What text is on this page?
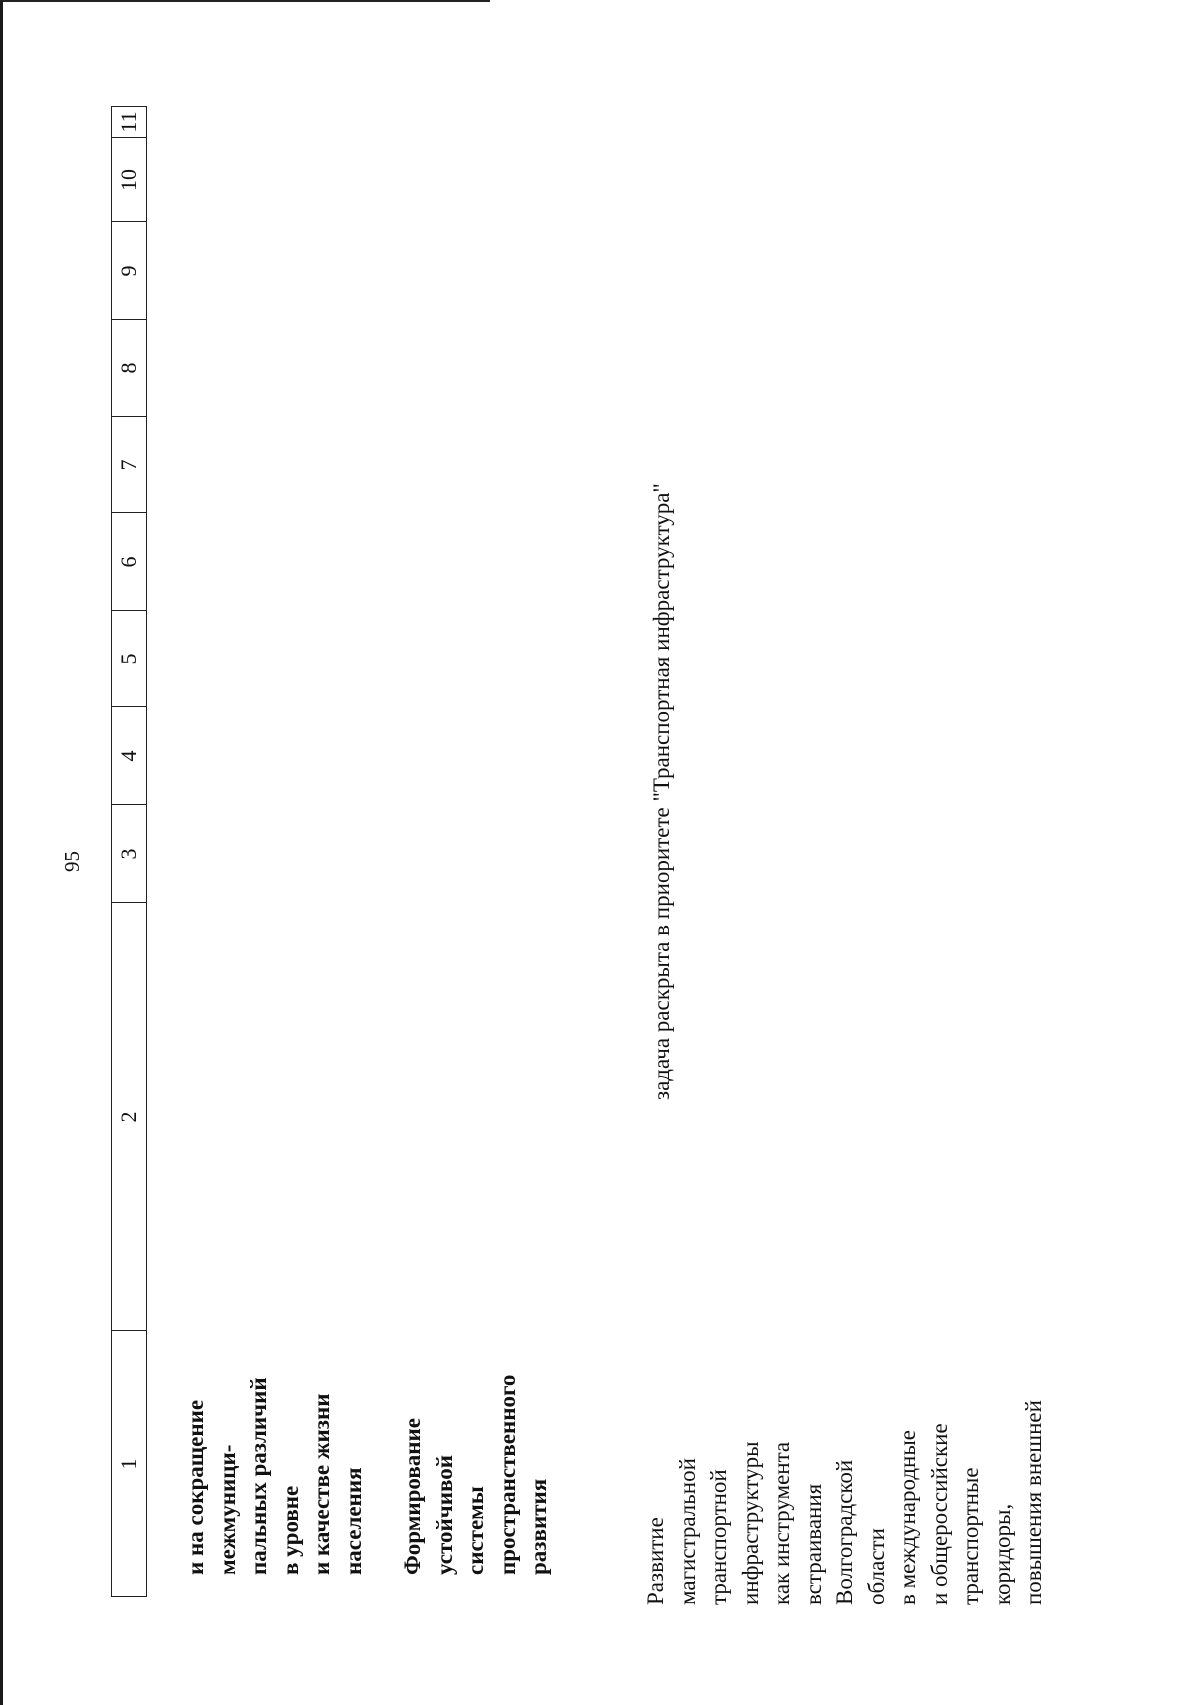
95
11
10
9
8
7
6
5
4
3
2
1 и на сокращение межмуници- пальных различий в уровне и качестве жизни населения Формирование устойчивой системы пространственного развития	Развитие магистральной транспортной инфраструктуры как инструмента встраивания Волгоградской области в международные и общероссийские транспортные коридоры, повышения внешней
задача раскрыта в приоритете "Транспортная инфраструктура"
